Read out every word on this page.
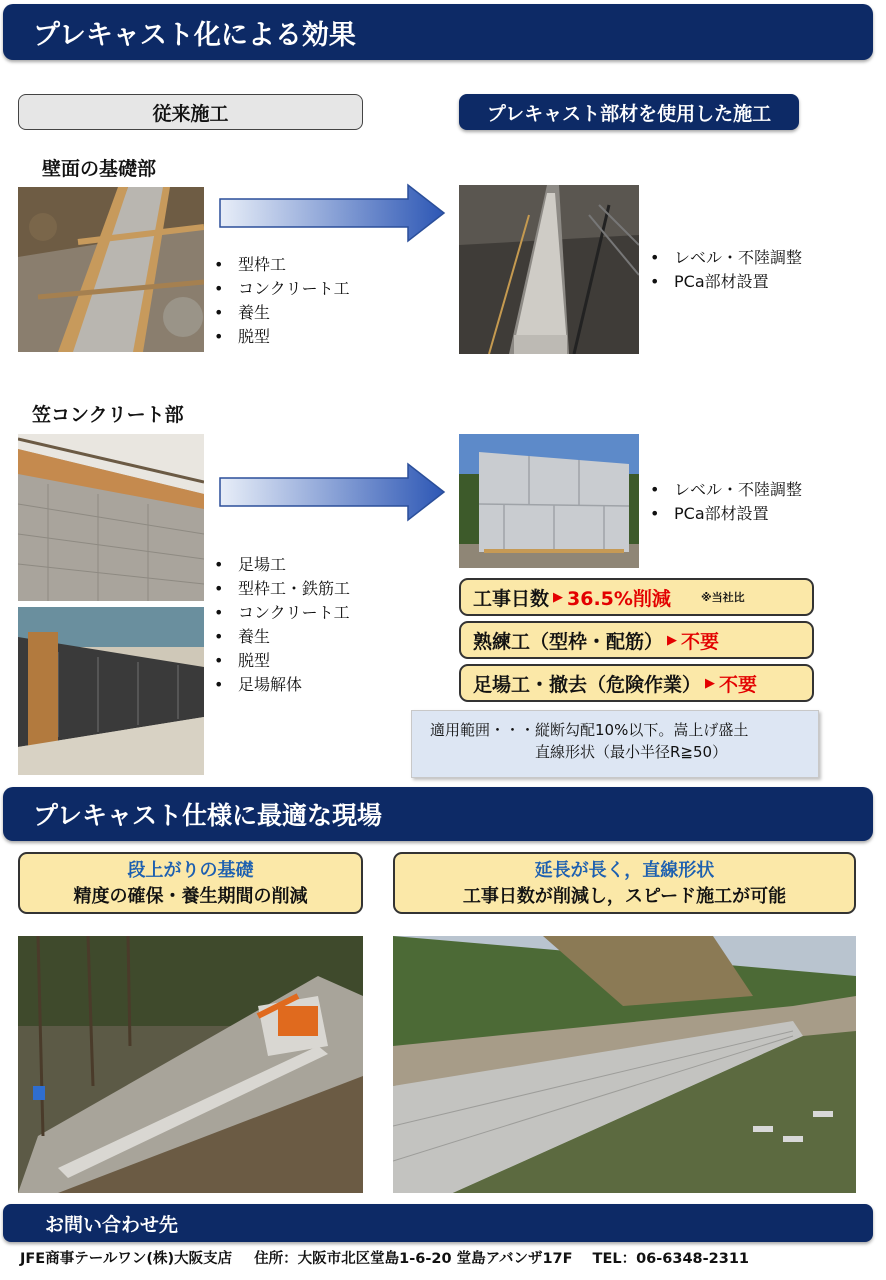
プレキャスト化による効果
従来施工	プレキャスト部材を使用した施工
壁面の基礎部
• 型枠工
• コンクリート工
• 養生
• 脱型
• レベル・不陸調整
• PCa部材設置
笠コンクリート部
• 足場工
• 型枠工・鉄筋工
• コンクリート工
• 養生
• 脱型
• 足場解体
• レベル・不陸調整
• PCa部材設置
工事日数 ▶ 36.5%削減	※当社比
熟練工（型枠・配筋） ▶ 不要
足場工・撤去（危険作業） ▶ 不要
適用範囲・・・縦断勾配10%以下。嵩上げ盛土
直線形状（最小半径R≧50）
プレキャスト仕様に最適な現場
段上がりの基礎
精度の確保・養生期間の削減
延長が長く，直線形状
工事日数が削減し，スピード施工が可能
お問い合わせ先
JFE商事テールワン(株)大阪支店 住所：大阪市北区堂島1-6-20 堂島アバンザ17F TEL：06-6348-2311
